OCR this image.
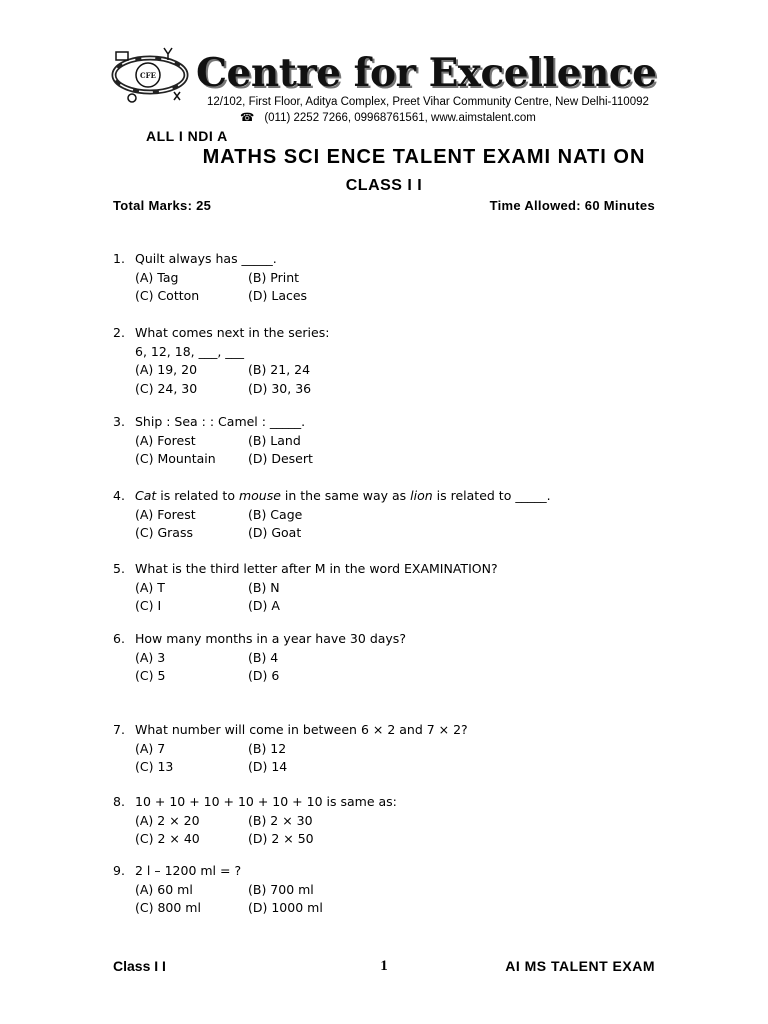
CFE Centre for Excellence
12/102, First Floor, Aditya Complex, Preet Vihar Community Centre, New Delhi-110092
☎ (011) 2252 7266, 09968761561, www.aimstalent.com
ALL I NDI A
MATHS SCI ENCE TALENT EXAMI NATI ON
CLASS I I
Total Marks: 25	Time Allowed: 60 Minutes
1. Quilt always has _____.
(A) Tag	(B) Print
(C) Cotton	(D) Laces
2. What comes next in the series:
6, 12, 18, ___, ___
(A) 19, 20	(B) 21, 24
(C) 24, 30	(D) 30, 36
3. Ship : Sea : : Camel : _____.
(A) Forest	(B) Land
(C) Mountain	(D) Desert
4. Cat is related to mouse in the same way as lion is related to _____.
(A) Forest	(B) Cage
(C) Grass	(D) Goat
5. What is the third letter after M in the word EXAMINATION?
(A) T	(B) N
(C) I	(D) A
6. How many months in a year have 30 days?
(A) 3	(B) 4
(C) 5	(D) 6
7. What number will come in between 6 × 2 and 7 × 2?
(A) 7	(B) 12
(C) 13	(D) 14
8. 10 + 10 + 10 + 10 + 10 + 10 is same as:
(A) 2 × 20	(B) 2 × 30
(C) 2 × 40	(D) 2 × 50
9. 2 l – 1200 ml = ?
(A) 60 ml	(B) 700 ml
(C) 800 ml	(D) 1000 ml
Class I I	1	AI MS TALENT EXAM
